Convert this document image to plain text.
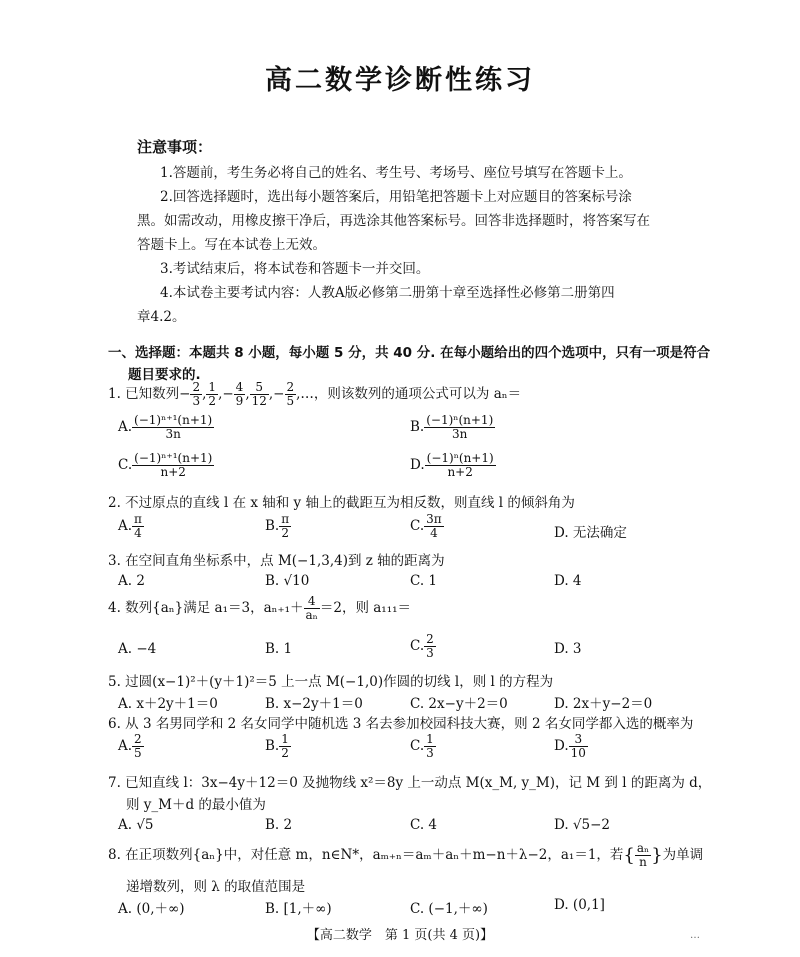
高二数学诊断性练习
注意事项：
1.答题前，考生务必将自己的姓名、考生号、考场号、座位号填写在答题卡上。
2.回答选择题时，选出每小题答案后，用铅笔把答题卡上对应题目的答案标号涂
黑。如需改动，用橡皮擦干净后，再选涂其他答案标号。回答非选择题时，将答案写在
答题卡上。写在本试卷上无效。
3.考试结束后，将本试卷和答题卡一并交回。
4.本试卷主要考试内容：人教A版必修第二册第十章至选择性必修第二册第四
章4.2。
一、选择题：本题共 8 小题，每小题 5 分，共 40 分. 在每小题给出的四个选项中，只有一项是符合
题目要求的.
1. 已知数列− $\frac{2}{3}$ , $\frac{1}{2}$ ,− $\frac{4}{9}$ , $\frac{5}{12}$ ,− $\frac{2}{5}$ ,…，则该数列的通项公式可以为 aₙ＝
A. $\frac{\text{(−1)ⁿ⁺¹(n+1)}}{3n}$	B. $\frac{\text{(−1)ⁿ(n+1)}}{3n}$
C. $\frac{\text{(−1)ⁿ⁺¹(n+1)}}{n+2}$	D. $\frac{\text{(−1)ⁿ(n+1)}}{n+2}$
2. 不过原点的直线 l 在 x 轴和 y 轴上的截距互为相反数，则直线 l 的倾斜角为
A. $\frac{\pi}{4}$	B. $\frac{\pi}{2}$	C. $\frac{3\pi}{4}$	D. 无法确定
3. 在空间直角坐标系中，点 M(−1,3,4)到 z 轴的距离为
A. 2	B. √10	C. 1	D. 4
4. 数列{aₙ}满足 a₁＝3，$a_{n+1}+ \frac{4}{\text{aₙ}} =2$，则 a₁₁₁＝
A. −4	B. 1	C. $\frac{2}{3}$	D. 3
5. 过圆(x−1)²＋(y＋1)²＝5 上一点 M(−1,0)作圆的切线 l，则 l 的方程为
A. x＋2y＋1＝0	B. x−2y＋1＝0	C. 2x−y＋2＝0	D. 2x＋y−2＝0
6. 从 3 名男同学和 2 名女同学中随机选 3 名去参加校园科技大赛，则 2 名女同学都入选的概率为
A. $\frac{2}{5}$	B. $\frac{1}{2}$	C. $\frac{1}{3}$	D. $\frac{3}{10}$
7. 已知直线 l：3x−4y＋12＝0 及抛物线 x²＝8y 上一动点 M(x_M, y_M)，记 M 到 l 的距离为 d，
则 y_M＋d 的最小值为
A. √5	B. 2	C. 4	D. √5−2
8. 在正项数列{aₙ}中，对任意 m，n∈N*，aₘ₊ₙ＝aₘ＋aₙ＋m−n＋λ−2，a₁＝1，若{ $\frac{\text{aₙ}}{n}$ }为单调
递增数列，则 λ 的取值范围是
A. (0,＋∞)	B. [1,＋∞)	C. (−1,＋∞)	D. (0,1]
【高二数学　第 1 页(共 4 页)】	…
